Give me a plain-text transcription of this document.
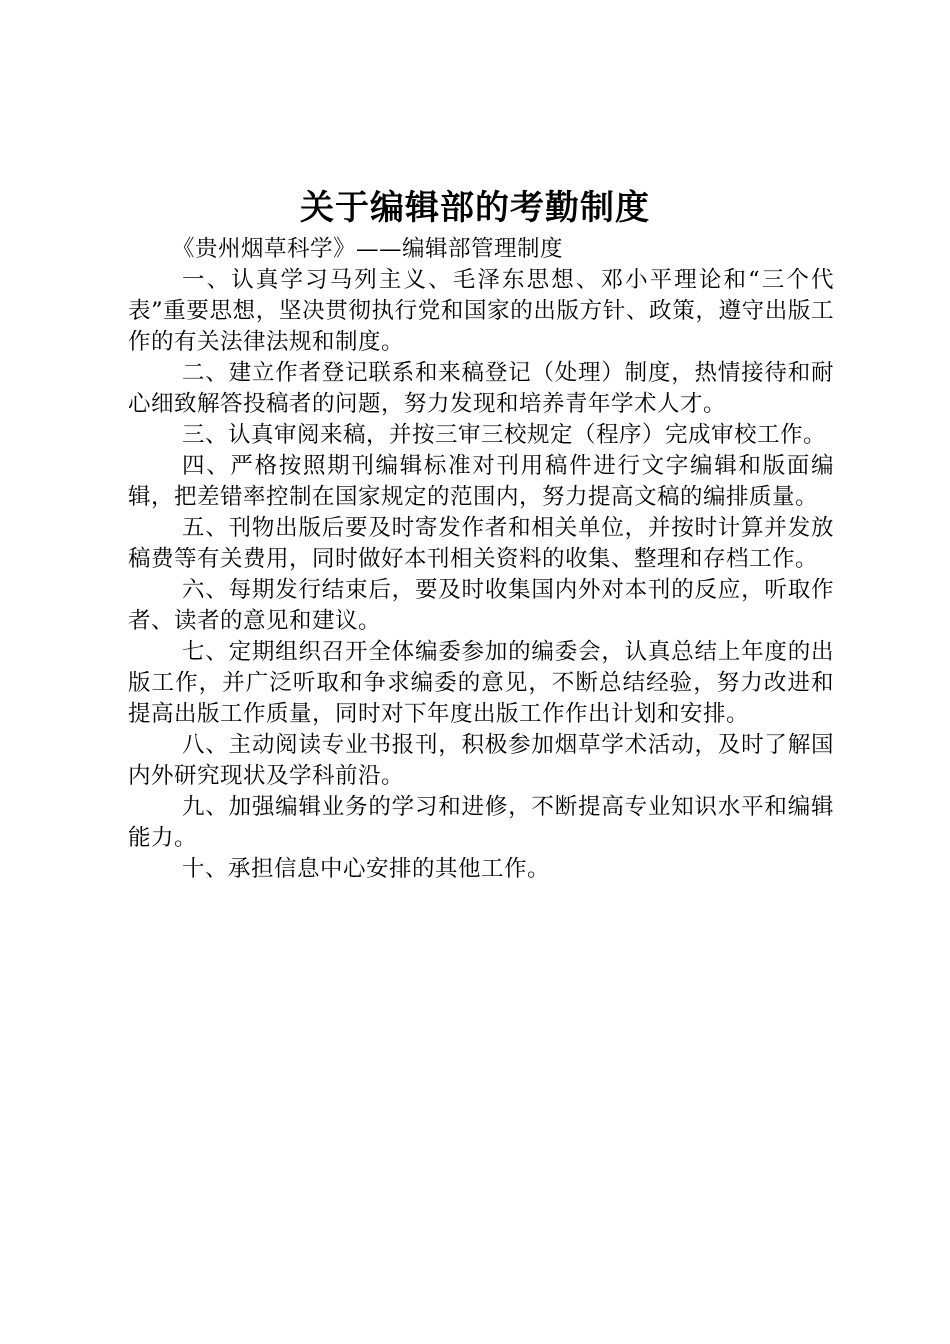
关于编辑部的考勤制度

《贵州烟草科学》——编辑部管理制度

一、认真学习马列主义、毛泽东思想、邓小平理论和“三个代表”重要思想，坚决贯彻执行党和国家的出版方针、政策，遵守出版工作的有关法律法规和制度。

二、建立作者登记联系和来稿登记（处理）制度，热情接待和耐心细致解答投稿者的问题，努力发现和培养青年学术人才。

三、认真审阅来稿，并按三审三校规定（程序）完成审校工作。

四、严格按照期刊编辑标准对刊用稿件进行文字编辑和版面编辑，把差错率控制在国家规定的范围内，努力提高文稿的编排质量。

五、刊物出版后要及时寄发作者和相关单位，并按时计算并发放稿费等有关费用，同时做好本刊相关资料的收集、整理和存档工作。

六、每期发行结束后，要及时收集国内外对本刊的反应，听取作者、读者的意见和建议。

七、定期组织召开全体编委参加的编委会，认真总结上年度的出版工作，并广泛听取和争求编委的意见，不断总结经验，努力改进和提高出版工作质量，同时对下年度出版工作作出计划和安排。

八、主动阅读专业书报刊，积极参加烟草学术活动，及时了解国内外研究现状及学科前沿。

九、加强编辑业务的学习和进修，不断提高专业知识水平和编辑能力。

十、承担信息中心安排的其他工作。
